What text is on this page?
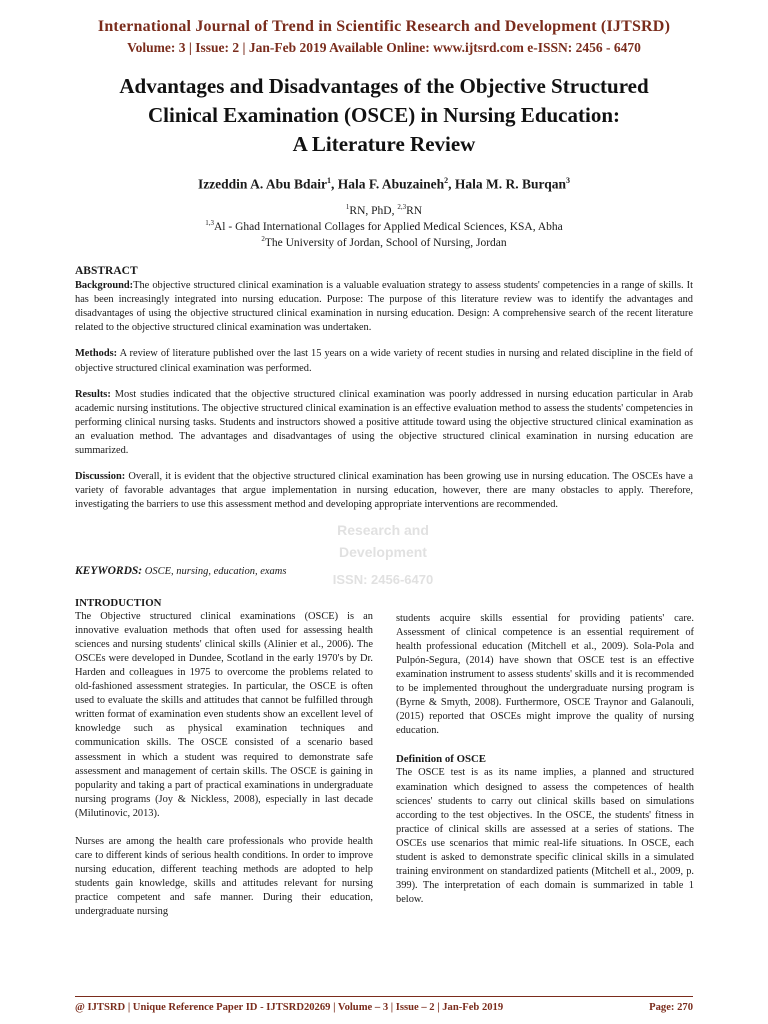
International Journal of Trend in Scientific Research and Development (IJTSRD)
Volume: 3 | Issue: 2 | Jan-Feb 2019 Available Online: www.ijtsrd.com e-ISSN: 2456 - 6470
Advantages and Disadvantages of the Objective Structured
Clinical Examination (OSCE) in Nursing Education:
A Literature Review
Izzeddin A. Abu Bdair$^1$, Hala F. Abuzaineh$^2$, Hala M. R. Burqan$^3$
$^1$RN, PhD, $^{2,3}$RN
$^{1,3}$Al - Ghad International Collages for Applied Medical Sciences, KSA, Abha
$^2$The University of Jordan, School of Nursing, Jordan
ABSTRACT

Background:The objective structured clinical examination is a valuable evaluation strategy to assess students' competencies in a range of skills. It has been increasingly integrated into nursing education. Purpose: The purpose of this literature review was to identify the advantages and disadvantages of using the objective structured clinical examination in nursing education. Design: A comprehensive search of the recent literature related to the objective structured clinical examination was undertaken.

Methods: A review of literature published over the last 15 years on a wide variety of recent studies in nursing and related discipline in the field of objective structured clinical examination was performed.

Results: Most studies indicated that the objective structured clinical examination was poorly addressed in nursing education particular in Arab academic nursing institutions. The objective structured clinical examination is an effective evaluation method to assess the students' competencies in performing clinical nursing tasks. Students and instructors showed a positive attitude toward using the objective structured clinical examination as an evaluation method. The advantages and disadvantages of using the objective structured clinical examination in nursing education are summarized.

Discussion: Overall, it is evident that the objective structured clinical examination has been growing use in nursing education. The OSCEs have a variety of favorable advantages that argue implementation in nursing education, however, there are many obstacles to apply. Therefore, investigating the barriers to use this assessment method and developing appropriate interventions are recommended.

Research and
Development
ISSN: 2456-6470
KEYWORDS: OSCE, nursing, education, exams
INTRODUCTION

The Objective structured clinical examinations (OSCE) is an innovative evaluation methods that often used for assessing health sciences and nursing students' clinical skills (Alinier et al., 2006). The OSCEs were developed in Dundee, Scotland in the early 1970's by Dr. Harden and colleagues in 1975 to overcome the problems related to old-fashioned assessment strategies. In particular, the OSCE is often used to evaluate the skills and attitudes that cannot be fulfilled through written format of examination even students show an excellent level of knowledge such as physical examination techniques and communication skills. The OSCE consisted of a scenario based assessment in which a student was required to demonstrate safe assessment and management of certain skills. The OSCE is gaining in popularity and taking a part of practical examinations in undergraduate nursing programs (Joy & Nickless, 2008), especially in last decade (Milutinovic, 2013).

Nurses are among the health care professionals who provide health care to different kinds of serious health conditions. In order to improve nursing education, different teaching methods are adopted to help students gain knowledge, skills and attitudes relevant for nursing practice competent and safe manner. During their education, undergraduate nursing

students acquire skills essential for providing patients' care. Assessment of clinical competence is an essential requirement of health professional education (Mitchell et al., 2009). Sola-Pola and Pulpón-Segura, (2014) have shown that OSCE test is an effective examination instrument to assess students' skills and it is recommended to be implemented throughout the undergraduate nursing program is (Byrne & Smyth, 2008). Furthermore, OSCE Traynor and Galanouli, (2015) reported that OSCEs might improve the quality of nursing education.

Definition of OSCE

The OSCE test is as its name implies, a planned and structured examination which designed to assess the competences of health sciences' students to carry out clinical skills based on simulations according to the test objectives. In the OSCE, the students' fitness in practice of clinical skills are assessed at a series of stations. The OSCEs use scenarios that mimic real-life situations. In OSCE, each student is asked to demonstrate specific clinical skills in a simulated training environment on standardized patients (Mitchell et al., 2009, p. 399). The interpretation of each domain is summarized in table 1 below.

@ IJTSRD | Unique Reference Paper ID - IJTSRD20269 | Volume – 3 | Issue – 2 | Jan-Feb 2019	Page: 270
